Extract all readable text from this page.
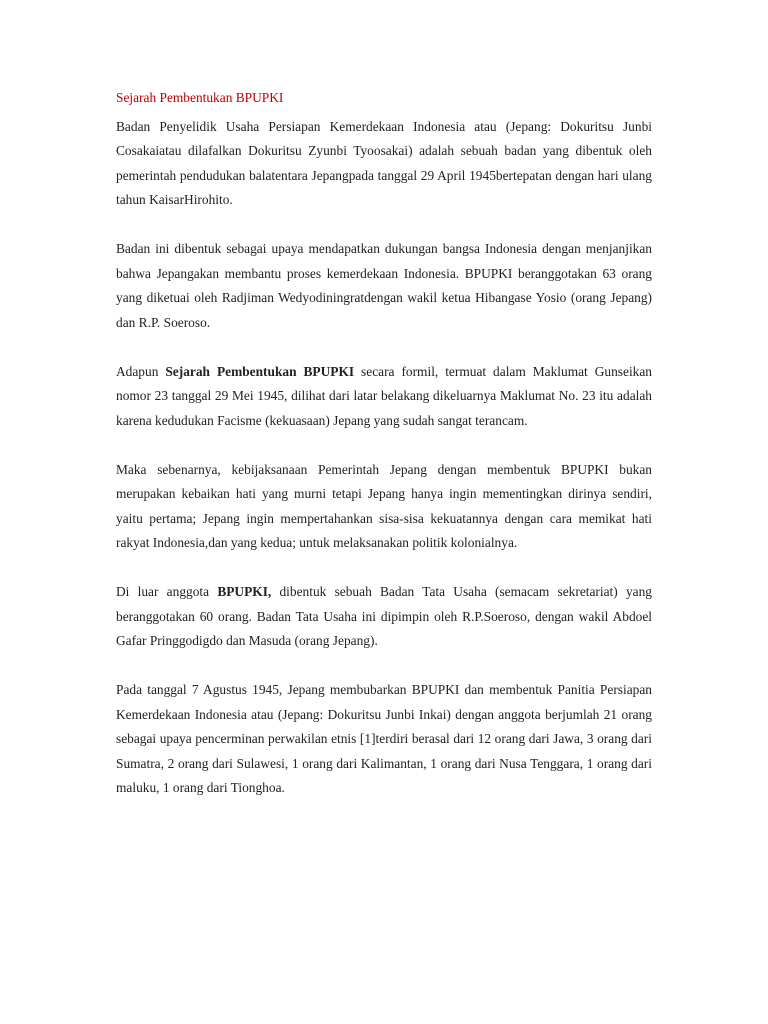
Sejarah Pembentukan BPUPKI

Badan Penyelidik Usaha Persiapan Kemerdekaan Indonesia atau (Jepang: Dokuritsu Junbi Cosakaiatau dilafalkan Dokuritsu Zyunbi Tyoosakai) adalah sebuah badan yang dibentuk oleh pemerintah pendudukan balatentara Jepangpada tanggal 29 April 1945bertepatan dengan hari ulang tahun KaisarHirohito.

Badan ini dibentuk sebagai upaya mendapatkan dukungan bangsa Indonesia dengan menjanjikan bahwa Jepangakan membantu proses kemerdekaan Indonesia. BPUPKI beranggotakan 63 orang yang diketuai oleh Radjiman Wedyodiningratdengan wakil ketua Hibangase Yosio (orang Jepang) dan R.P. Soeroso.

Adapun Sejarah Pembentukan BPUPKI secara formil, termuat dalam Maklumat Gunseikan nomor 23 tanggal 29 Mei 1945, dilihat dari latar belakang dikeluarnya Maklumat No. 23 itu adalah karena kedudukan Facisme (kekuasaan) Jepang yang sudah sangat terancam.

Maka sebenarnya, kebijaksanaan Pemerintah Jepang dengan membentuk BPUPKI bukan merupakan kebaikan hati yang murni tetapi Jepang hanya ingin mementingkan dirinya sendiri, yaitu pertama; Jepang ingin mempertahankan sisa-sisa kekuatannya dengan cara memikat hati rakyat Indonesia,dan yang kedua; untuk melaksanakan politik kolonialnya.

Di luar anggota BPUPKI, dibentuk sebuah Badan Tata Usaha (semacam sekretariat) yang beranggotakan 60 orang. Badan Tata Usaha ini dipimpin oleh R.P.Soeroso, dengan wakil Abdoel Gafar Pringgodigdo dan Masuda (orang Jepang).

Pada tanggal 7 Agustus 1945, Jepang membubarkan BPUPKI dan membentuk Panitia Persiapan Kemerdekaan Indonesia atau (Jepang: Dokuritsu Junbi Inkai) dengan anggota berjumlah 21 orang sebagai upaya pencerminan perwakilan etnis [1]terdiri berasal dari 12 orang dari Jawa, 3 orang dari Sumatra, 2 orang dari Sulawesi, 1 orang dari Kalimantan, 1 orang dari Nusa Tenggara, 1 orang dari maluku, 1 orang dari Tionghoa.
